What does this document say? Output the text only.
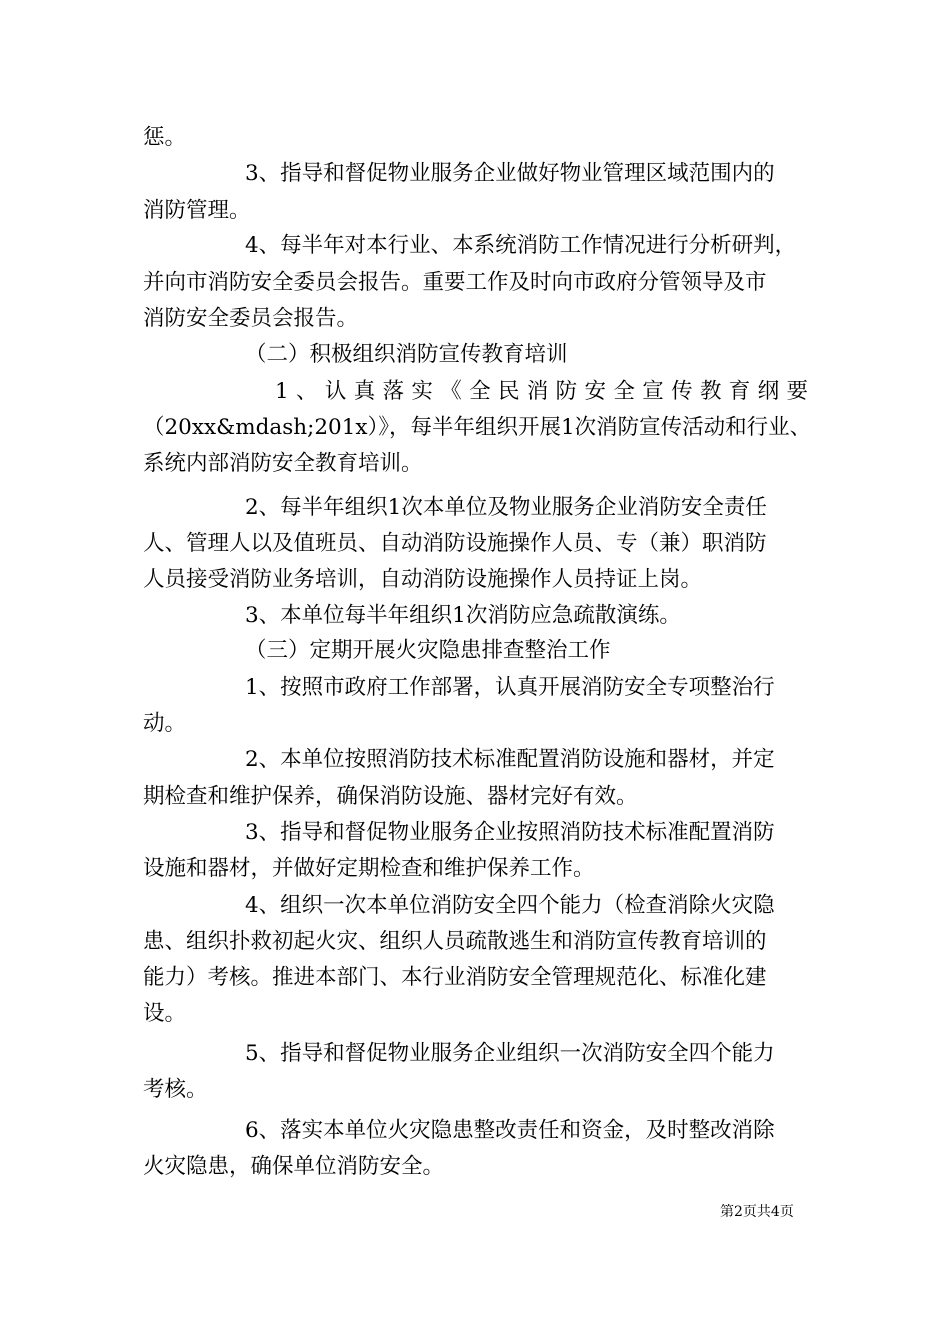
惩。
3、指导和督促物业服务企业做好物业管理区域范围内的
消防管理。
4、每半年对本行业、本系统消防工作情况进行分析研判，
并向市消防安全委员会报告。重要工作及时向市政府分管领导及市
消防安全委员会报告。
（二）积极组织消防宣传教育培训
1、认真落实《全民消防安全宣传教育纲要
（20xx&mdash;201x）》，每半年组织开展1次消防宣传活动和行业、
系统内部消防安全教育培训。
2、每半年组织1次本单位及物业服务企业消防安全责任
人、管理人以及值班员、自动消防设施操作人员、专（兼）职消防
人员接受消防业务培训，自动消防设施操作人员持证上岗。
3、本单位每半年组织1次消防应急疏散演练。
（三）定期开展火灾隐患排查整治工作
1、按照市政府工作部署，认真开展消防安全专项整治行
动。
2、本单位按照消防技术标准配置消防设施和器材，并定
期检查和维护保养，确保消防设施、器材完好有效。
3、指导和督促物业服务企业按照消防技术标准配置消防
设施和器材，并做好定期检查和维护保养工作。
4、组织一次本单位消防安全四个能力（检查消除火灾隐
患、组织扑救初起火灾、组织人员疏散逃生和消防宣传教育培训的
能力）考核。推进本部门、本行业消防安全管理规范化、标准化建
设。
5、指导和督促物业服务企业组织一次消防安全四个能力
考核。
6、落实本单位火灾隐患整改责任和资金，及时整改消除
火灾隐患，确保单位消防安全。
第2页共4页
